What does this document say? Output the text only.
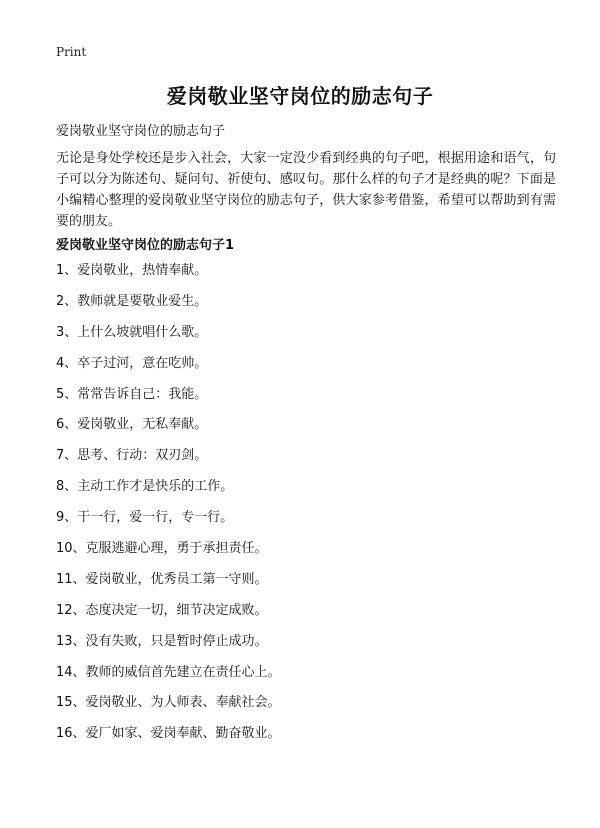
Print
爱岗敬业坚守岗位的励志句子
爱岗敬业坚守岗位的励志句子

无论是身处学校还是步入社会，大家一定没少看到经典的句子吧，根据用途和语气，句子可以分为陈述句、疑问句、祈使句、感叹句。那什么样的句子才是经典的呢？下面是小编精心整理的爱岗敬业坚守岗位的励志句子，供大家参考借鉴，希望可以帮助到有需要的朋友。

爱岗敬业坚守岗位的励志句子1
1、爱岗敬业，热情奉献。
2、教师就是要敬业爱生。
3、上什么坡就唱什么歌。
4、卒子过河，意在吃帅。
5、常常告诉自己：我能。
6、爱岗敬业，无私奉献。
7、思考、行动：双刃剑。
8、主动工作才是快乐的工作。
9、干一行，爱一行，专一行。
10、克服逃避心理，勇于承担责任。
11、爱岗敬业，优秀员工第一守则。
12、态度决定一切，细节决定成败。
13、没有失败，只是暂时停止成功。
14、教师的威信首先建立在责任心上。
15、爱岗敬业、为人师表、奉献社会。
16、爱厂如家、爱岗奉献、勤奋敬业。
